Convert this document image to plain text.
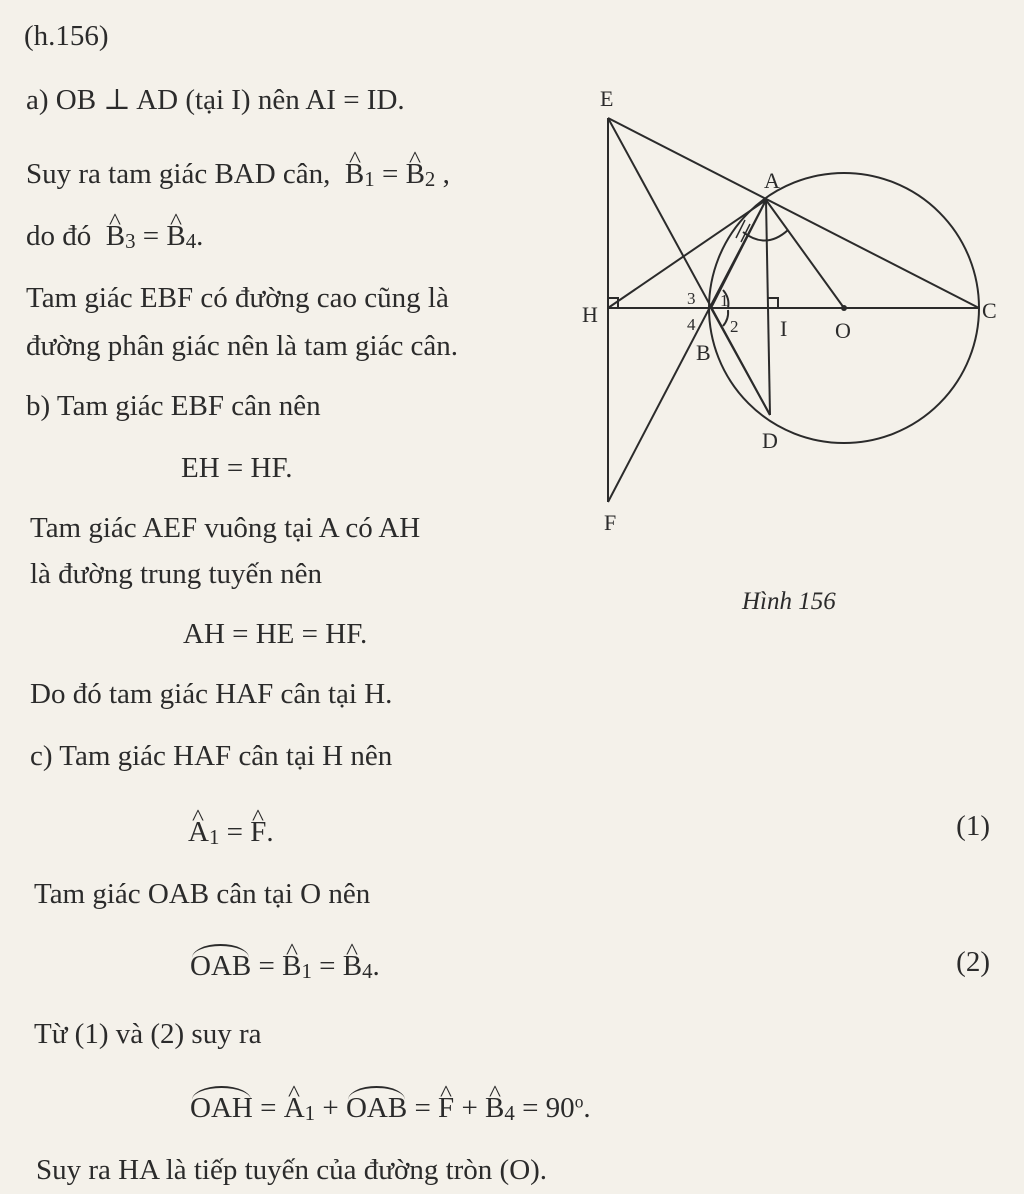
(h.156)
a) OB ⊥ AD (tại I) nên AI = ID.
Suy ra tam giác BAD cân, ^ $B_1$ = ^ $B_2$ ,
do đó ^ $B_3$ = ^ $B_4$.
Tam giác EBF có đường cao cũng là
đường phân giác nên là tam giác cân.
b) Tam giác EBF cân nên
EH = HF.
Tam giác AEF vuông tại A có AH
là đường trung tuyến nên
AH = HE = HF.
Do đó tam giác HAF cân tại H.
c) Tam giác HAF cân tại H nên
^ $A_1$ = ^ F.	(1)
Tam giác OAB cân tại O nên
OAB = ^ $B_1$ = ^ $B_4$.	(2)
Từ (1) và (2) suy ra
OAH = ^ $A_1$ + OAB = ^ F + ^ $B_4 = 90^o$.
Suy ra HA là tiếp tuyến của đường tròn (O).
E
A
H	C
I O
B
D
F
1
2
3
4
Hình 156
